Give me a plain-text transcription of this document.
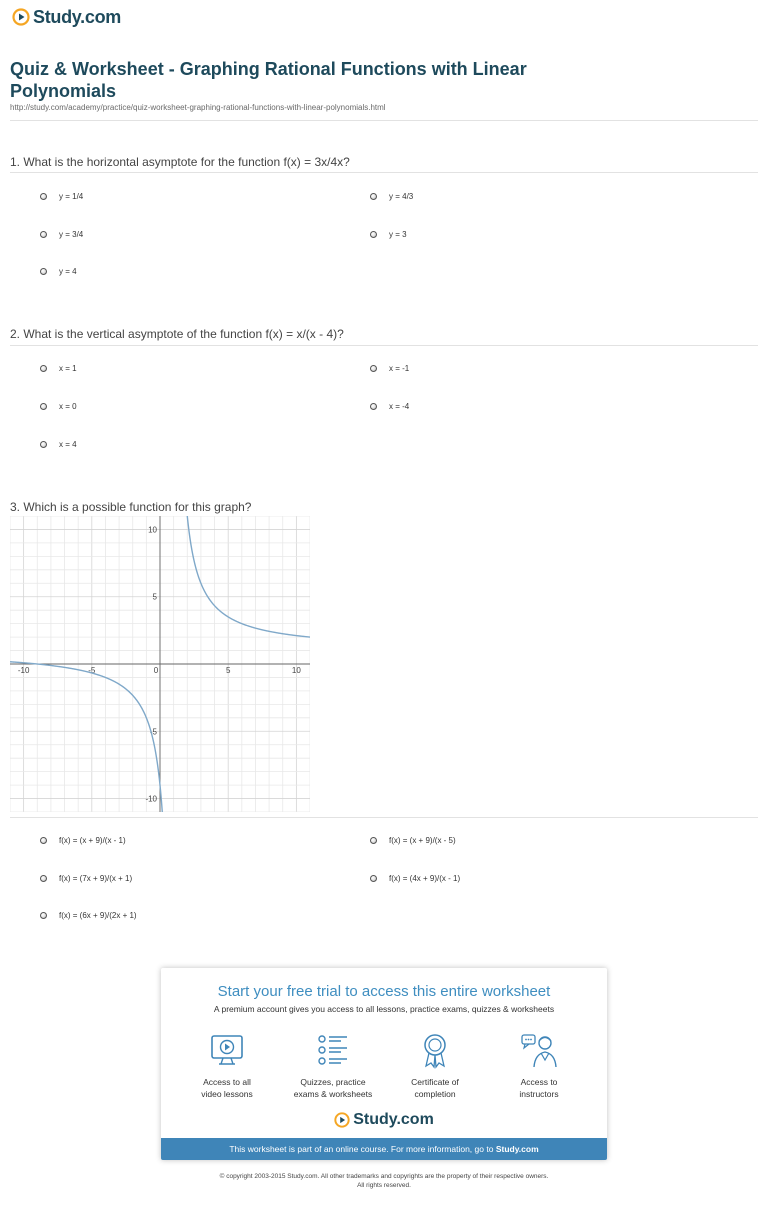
Study.com
Quiz & Worksheet - Graphing Rational Functions with Linear Polynomials
http://study.com/academy/practice/quiz-worksheet-graphing-rational-functions-with-linear-polynomials.html
1. What is the horizontal asymptote for the function f(x) = 3x/4x?
y = 1/4	y = 4/3
y = 3/4	y = 3
y = 4
2. What is the vertical asymptote of the function f(x) = x/(x - 4)?
x = 1	x = -1
x = 0	x = -4
x = 4
3. Which is a possible function for this graph?
-10	-5	0	5	10
10
5
-5
-10
f(x) = (x + 9)/(x - 1)	f(x) = (x + 9)/(x - 5)
f(x) = (7x + 9)/(x + 1)	f(x) = (4x + 9)/(x - 1)
f(x) = (6x + 9)/(2x + 1)
Start your free trial to access this entire worksheet
A premium account gives you access to all lessons, practice exams, quizzes & worksheets
Access to all
video lessons
Quizzes, practice
exams & worksheets
Certificate of
completion
Access to
instructors
Study.com
This worksheet is part of an online course. For more information, go to Study.com
© copyright 2003-2015 Study.com. All other trademarks and copyrights are the property of their respective owners.
All rights reserved.
